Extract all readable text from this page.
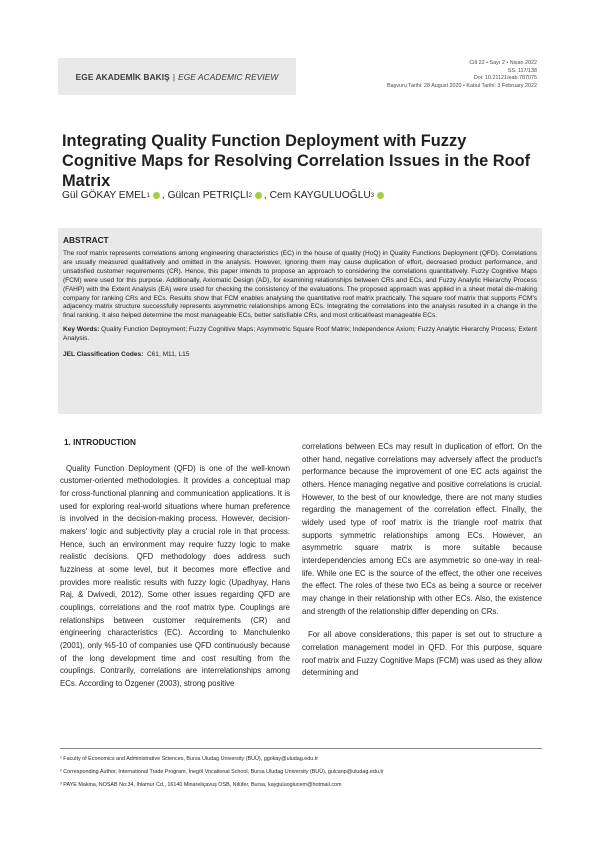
EGE AKADEMİK BAKIŞ | EGE ACADEMIC REVIEW
Cilt 22 • Sayı 2 • Nisan 2022
SS. 117/138
Doi: 10.21121/eab.787075
Başvuru Tarihi: 28 August 2020 • Kabul Tarihi: 3 February 2022
Integrating Quality Function Deployment with Fuzzy Cognitive Maps for Resolving Correlation Issues in the Roof Matrix
Gül GÖKAY EMEL 1 ,
Gülcan PETRIÇLI 2 ,
Cem KAYGULUOĞLU 3
ABSTRACT

The roof matrix represents correlations among engineering characteristics (EC) in the house of quality (HoQ) in Quality Functions Deployment (QFD). Correlations are usually measured qualitatively and omitted in the analysis. However, ignoring them may cause duplication of effort, decreased product performance, and unsatisfied customer requirements (CR). Hence, this paper intends to propose an approach to considering the correlations quantitatively. Fuzzy Cognitive Maps (FCM) were used for this purpose. Additionally, Axiomatic Design (AD), for examining relationships between CRs and ECs, and Fuzzy Analytic Hierarchy Process (FAHP) with the Extent Analysis (EA) were used for checking the consistency of the evaluations. The proposed approach was applied in a sheet metal die-making company for ranking CRs and ECs. Results show that FCM enables analysing the quantitative roof matrix practically. The square roof matrix that supports FCM's adjacency matrix structure successfully represents asymmetric relationships among ECs. Integrating the correlations into the analysis resulted in a change in the final ranking. It also helped determine the most manageable ECs, better satisfiable CRs, and most critical/least manageable ECs.

Key Words: Quality Function Deployment; Fuzzy Cognitive Maps; Asymmetric Square Roof Matrix; Independence Axiom; Fuzzy Analytic Hierarchy Process; Extent Analysis.

JEL Classification Codes: C61, M11, L15

1. INTRODUCTION

Quality Function Deployment (QFD) is one of the well-known customer-oriented methodologies. It provides a conceptual map for cross-functional planning and communication applications. It is used for exploring real-world situations where human preference is involved in the decision-making process. However, decision-makers' logic and subjectivity play a crucial role in that process. Hence, such an environment may require fuzzy logic to make realistic decisions. QFD methodology does address such fuzziness at some level, but it becomes more effective and provides more realistic results with fuzzy logic (Upadhyay, Hans Raj, & Dwivedi, 2012). Some other issues regarding QFD are couplings, correlations and the roof matrix type. Couplings are relationships between customer requirements (CR) and engineering characteristics (EC). According to Manchulenko (2001), only %5-10 of companies use QFD continuously because of the long development time and cost resulting from the couplings. Contrarily, correlations are interrelationships among ECs. According to Özgener (2003), strong positive

correlations between ECs may result in duplication of effort. On the other hand, negative correlations may adversely affect the product's performance because the improvement of one EC acts against the others. Hence managing negative and positive correlations is crucial. However, to the best of our knowledge, there are not many studies regarding the management of the correlation effect. Finally, the widely used type of roof matrix is the triangle roof matrix that supports symmetric relationships among ECs. However, an asymmetric square matrix is more suitable because interdependencies among ECs are asymmetric so one-way in real-life. While one EC is the source of the effect, the other one receives the effect. The roles of these two ECs as being a source or receiver may change in their relationship with other ECs. Also, the existence and strength of the relationship differ depending on CRs.

For all above considerations, this paper is set out to structure a correlation management model in QFD. For this purpose, square roof matrix and Fuzzy Cognitive Maps (FCM) was used as they allow determining and

¹ Faculty of Economics and Administrative Sciences, Bursa Uludag University (BUÜ), ggokay@uludag.edu.tr
² Corresponding Author, International Trade Program, İnegöl Vocational School, Bursa Uludag University (BUÜ), gulcanp@uludag.edu.tr
³ PAYE Makina, NOSAB No:34, Ihlamur Cd., 16140 Minareliçavuş OSB, Nilüfer, Bursa, kayguluoglucem@hotmail.com
